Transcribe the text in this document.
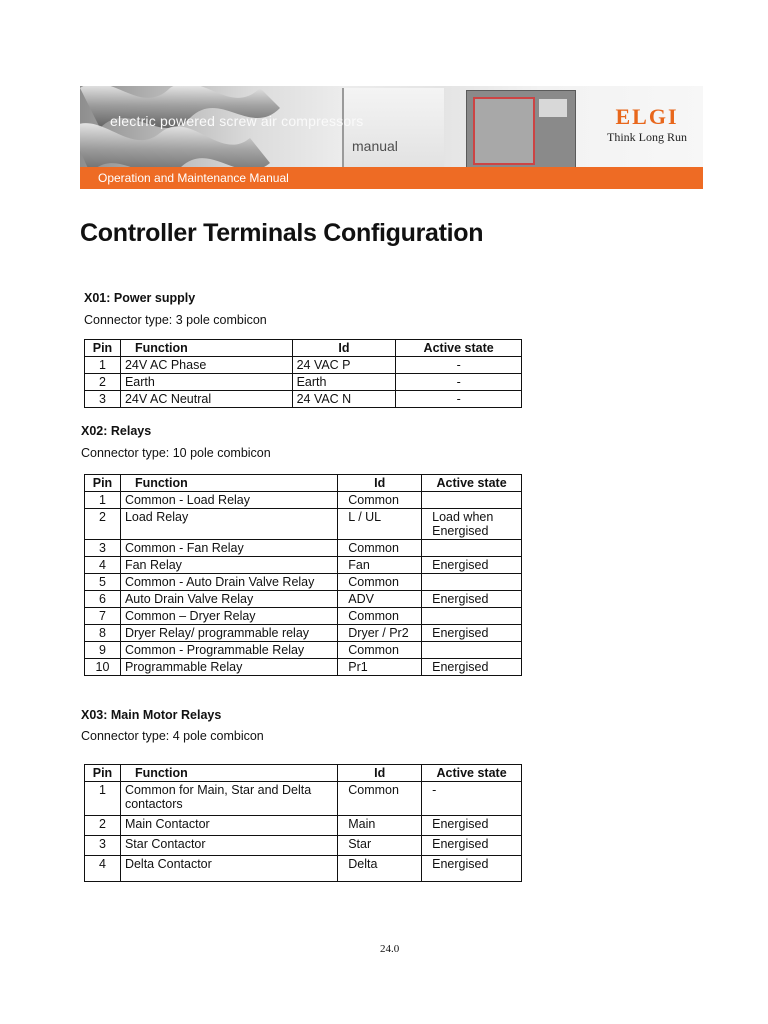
electric powered screw air compressors
manual
ELGI
Think Long Run
Operation and Maintenance Manual
Controller Terminals Configuration
X01: Power supply
Connector type: 3 pole combicon
Pin	Function	Id	Active state
1	24V AC Phase	24 VAC P	-
2	Earth	Earth	-
3	24V AC Neutral	24 VAC N	-
X02: Relays
Connector type: 10 pole combicon
Pin	Function	Id	Active state
1	Common - Load Relay	Common	
2	Load Relay	L / UL	Load when Energised
3	Common - Fan Relay	Common	
4	Fan Relay	Fan	Energised
5	Common - Auto Drain Valve Relay	Common	
6	Auto Drain Valve Relay	ADV	Energised
7	Common – Dryer Relay	Common	
8	Dryer Relay/ programmable relay	Dryer / Pr2	Energised
9	Common - Programmable Relay	Common	
10	Programmable Relay	Pr1	Energised
X03: Main Motor Relays
Connector type: 4 pole combicon
Pin	Function	Id	Active state
1	Common for Main, Star and Delta contactors	Common	-
2	Main Contactor	Main	Energised
3	Star Contactor	Star	Energised
4	Delta Contactor	Delta	Energised
24.0
